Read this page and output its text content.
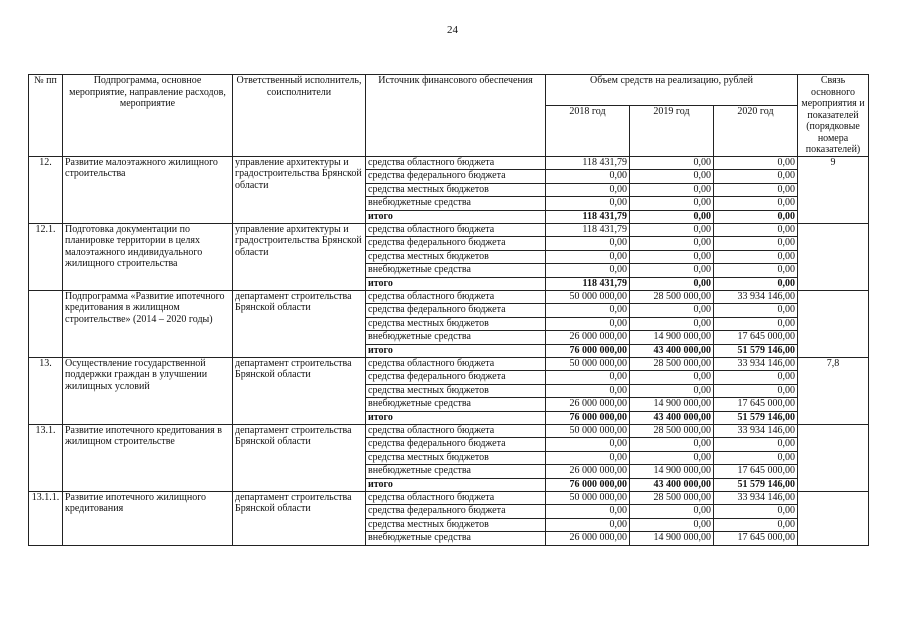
24
№ пп	Подпрограмма, основное мероприятие, направление расходов, мероприятие	Ответственный исполнитель, соисполнители	Источник финансового обеспечения	Объем средств на реализацию, рублей			Связь основного мероприятия и показателей (порядковые номера показателей)
				2018 год	2019 год	2020 год	
12.	Развитие малоэтажного жилищного строительства	управление архитектуры и градостроительства Брянской области	средства областного бюджета	118 431,79	0,00	0,00	9
			средства федерального бюджета	0,00	0,00	0,00	
			средства местных бюджетов	0,00	0,00	0,00	
			внебюджетные средства	0,00	0,00	0,00	
			итого	118 431,79	0,00	0,00	
12.1.	Подготовка документации по планировке территории в целях малоэтажного индивидуального жилищного строительства	управление архитектуры и градостроительства Брянской области	средства областного бюджета	118 431,79	0,00	0,00	
			средства федерального бюджета	0,00	0,00	0,00	
			средства местных бюджетов	0,00	0,00	0,00	
			внебюджетные средства	0,00	0,00	0,00	
			итого	118 431,79	0,00	0,00	
	Подпрограмма «Развитие ипотечного кредитования в жилищном строительстве» (2014 – 2020 годы)	департамент строительства Брянской области	средства областного бюджета	50 000 000,00	28 500 000,00	33 934 146,00	
			средства федерального бюджета	0,00	0,00	0,00	
			средства местных бюджетов	0,00	0,00	0,00	
			внебюджетные средства	26 000 000,00	14 900 000,00	17 645 000,00	
			итого	76 000 000,00	43 400 000,00	51 579 146,00	
13.	Осуществление государственной поддержки граждан в улучшении жилищных условий	департамент строительства Брянской области	средства областного бюджета	50 000 000,00	28 500 000,00	33 934 146,00	7,8
			средства федерального бюджета	0,00	0,00	0,00	
			средства местных бюджетов	0,00	0,00	0,00	
			внебюджетные средства	26 000 000,00	14 900 000,00	17 645 000,00	
			итого	76 000 000,00	43 400 000,00	51 579 146,00	
13.1.	Развитие ипотечного кредитования в жилищном строительстве	департамент строительства Брянской области	средства областного бюджета	50 000 000,00	28 500 000,00	33 934 146,00	
			средства федерального бюджета	0,00	0,00	0,00	
			средства местных бюджетов	0,00	0,00	0,00	
			внебюджетные средства	26 000 000,00	14 900 000,00	17 645 000,00	
			итого	76 000 000,00	43 400 000,00	51 579 146,00	
13.1.1.	Развитие ипотечного жилищного кредитования	департамент строительства Брянской области	средства областного бюджета	50 000 000,00	28 500 000,00	33 934 146,00	
			средства федерального бюджета	0,00	0,00	0,00	
			средства местных бюджетов	0,00	0,00	0,00	
			внебюджетные средства	26 000 000,00	14 900 000,00	17 645 000,00	
